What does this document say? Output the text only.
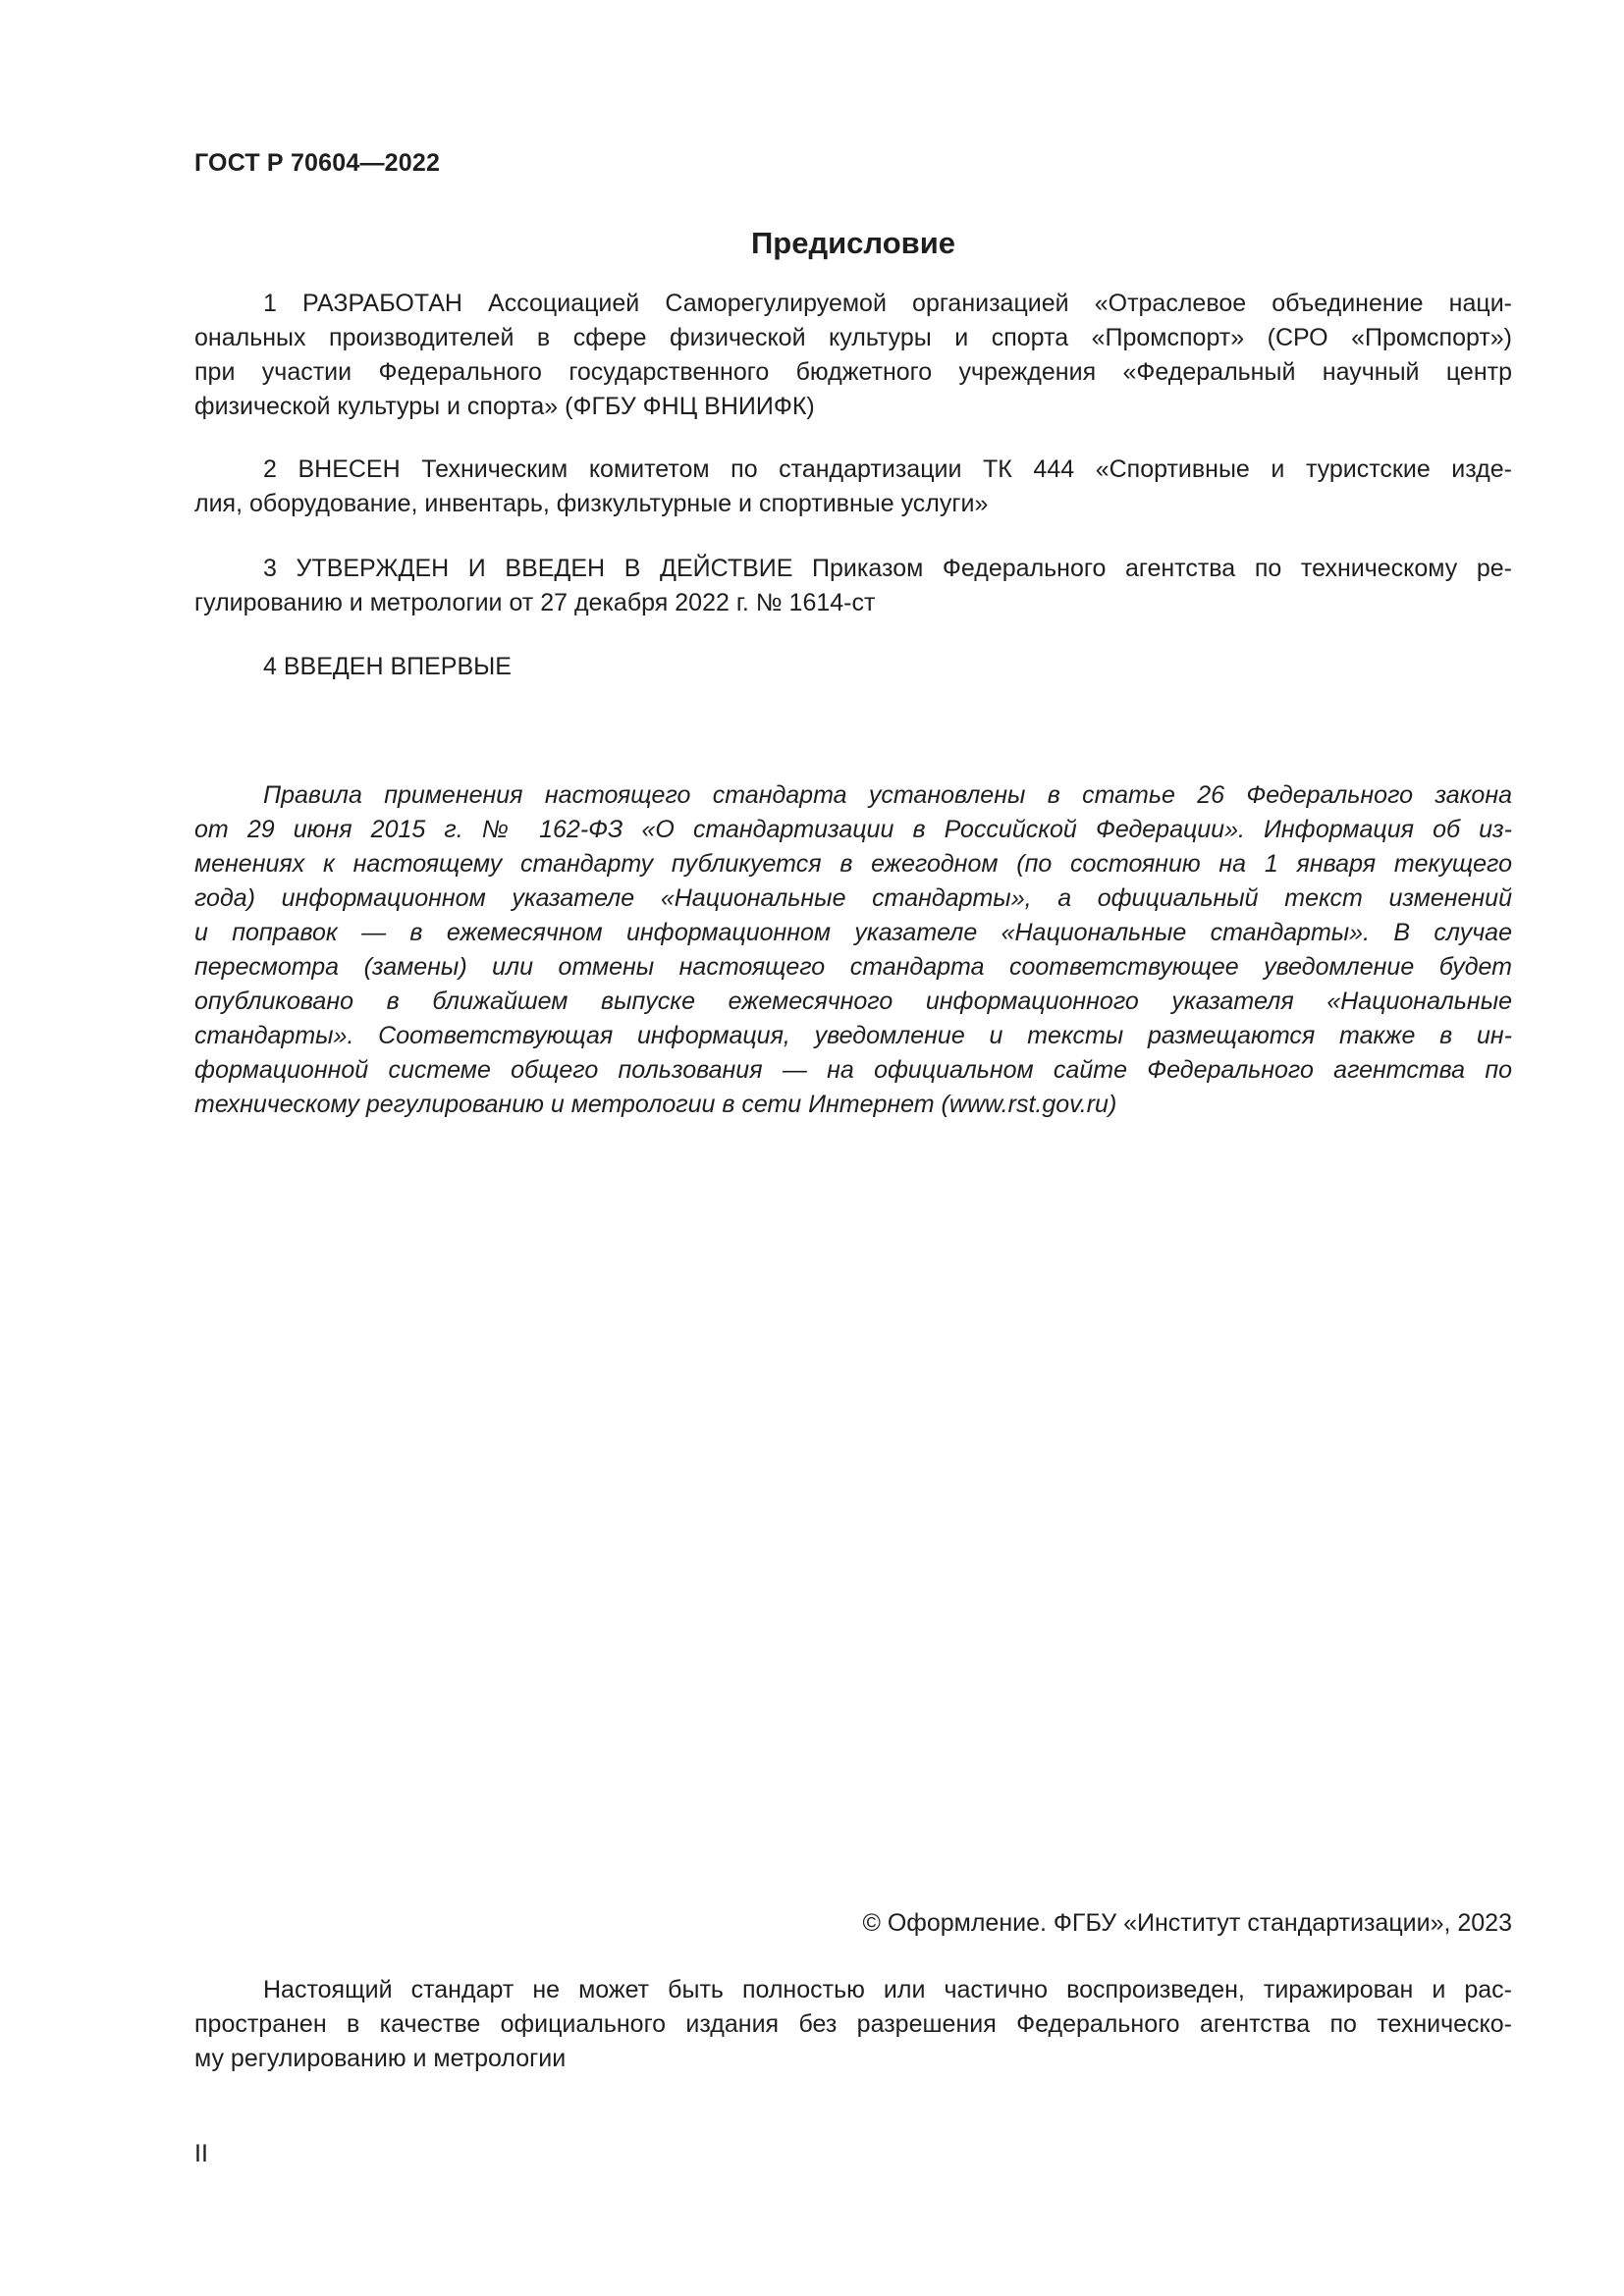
ГОСТ Р 70604—2022
Предисловие

1 РАЗРАБОТАН Ассоциацией Саморегулируемой организацией «Отраслевое объединение наци-
ональных производителей в сфере физической культуры и спорта «Промспорт» (СРО «Промспорт»)
при участии Федерального государственного бюджетного учреждения «Федеральный научный центр
физической культуры и спорта» (ФГБУ ФНЦ ВНИИФК)

2 ВНЕСЕН Техническим комитетом по стандартизации ТК 444 «Спортивные и туристские изде-
лия, оборудование, инвентарь, физкультурные и спортивные услуги»

3 УТВЕРЖДЕН И ВВЕДЕН В ДЕЙСТВИЕ Приказом Федерального агентства по техническому ре-
гулированию и метрологии от 27 декабря 2022 г. № 1614-ст

4 ВВЕДЕН ВПЕРВЫЕ

Правила применения настоящего стандарта установлены в статье 26 Федерального закона
от 29 июня 2015 г. № 162-ФЗ «О стандартизации в Российской Федерации». Информация об из-
менениях к настоящему стандарту публикуется в ежегодном (по состоянию на 1 января текущего
года) информационном указателе «Национальные стандарты», а официальный текст изменений
и поправок — в ежемесячном информационном указателе «Национальные стандарты». В случае
пересмотра (замены) или отмены настоящего стандарта соответствующее уведомление будет
опубликовано в ближайшем выпуске ежемесячного информационного указателя «Национальные
стандарты». Соответствующая информация, уведомление и тексты размещаются также в ин-
формационной системе общего пользования — на официальном сайте Федерального агентства по
техническому регулированию и метрологии в сети Интернет (www.rst.gov.ru)

© Оформление. ФГБУ «Институт стандартизации», 2023

Настоящий стандарт не может быть полностью или частично воспроизведен, тиражирован и рас-
пространен в качестве официального издания без разрешения Федерального агентства по техническо-
му регулированию и метрологии

II
